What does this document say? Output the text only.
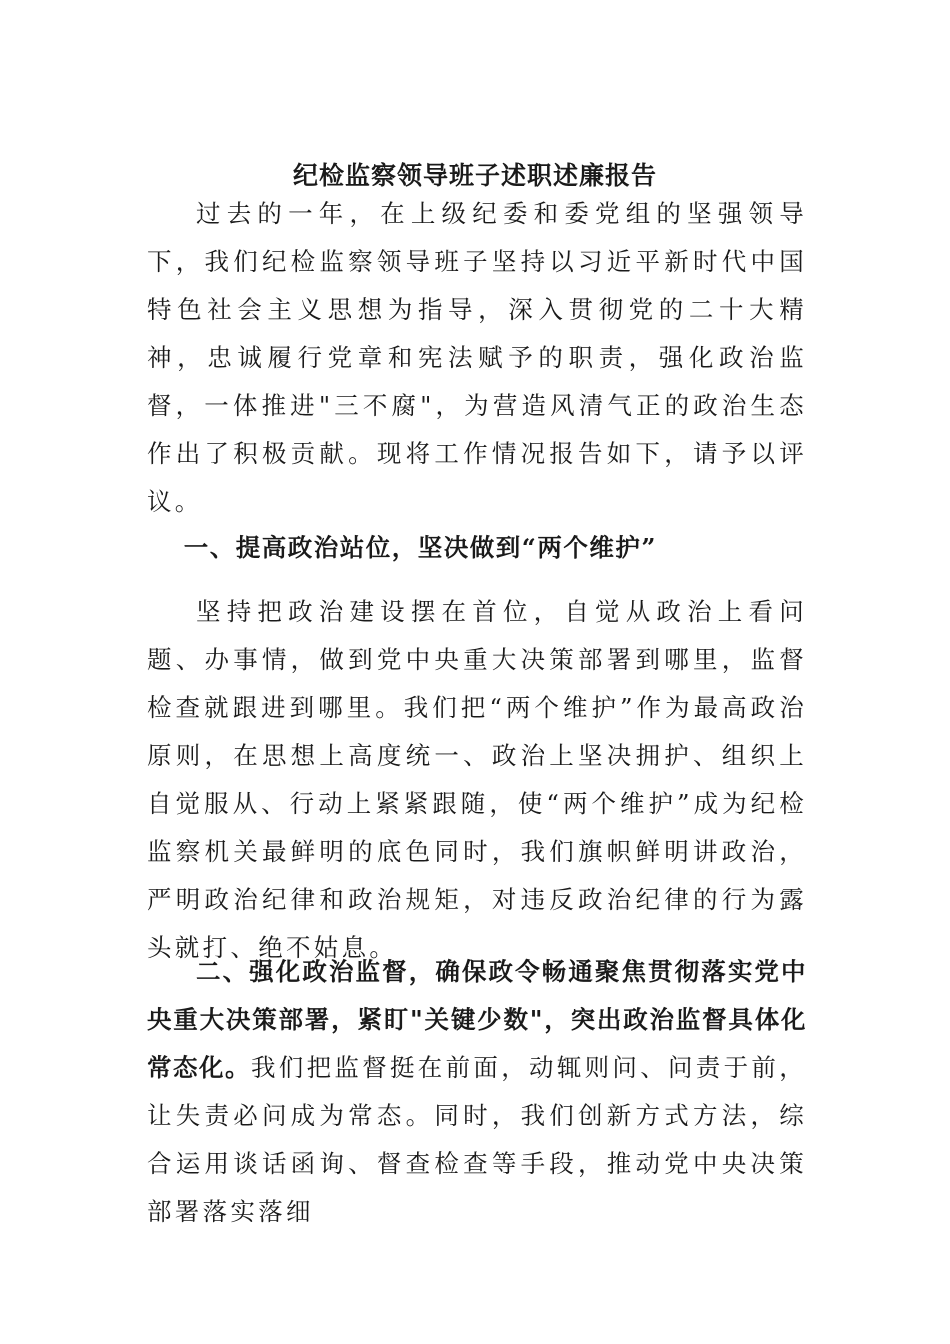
纪检监察领导班子述职述廉报告

过去的一年，在上级纪委和委党组的坚强领导下，我们纪检监察领导班子坚持以习近平新时代中国特色社会主义思想为指导，深入贯彻党的二十大精神，忠诚履行党章和宪法赋予的职责，强化政治监督，一体推进"三不腐"，为营造风清气正的政治生态作出了积极贡献。现将工作情况报告如下，请予以评议。

一、提高政治站位，坚决做到“两个维护”

坚持把政治建设摆在首位，自觉从政治上看问题、办事情，做到党中央重大决策部署到哪里，监督检查就跟进到哪里。我们把“两个维护”作为最高政治原则，在思想上高度统一、政治上坚决拥护、组织上自觉服从、行动上紧紧跟随，使“两个维护”成为纪检监察机关最鲜明的底色同时，我们旗帜鲜明讲政治，严明政治纪律和政治规矩，对违反政治纪律的行为露头就打、绝不姑息。

二、强化政治监督，确保政令畅通聚焦贯彻落实党中央重大决策部署，紧盯"关键少数"，突出政治监督具体化常态化。我们把监督挺在前面，动辄则问、问责于前，让失责必问成为常态。同时，我们创新方式方法，综合运用谈话函询、督查检查等手段，推动党中央决策部署落实落细
